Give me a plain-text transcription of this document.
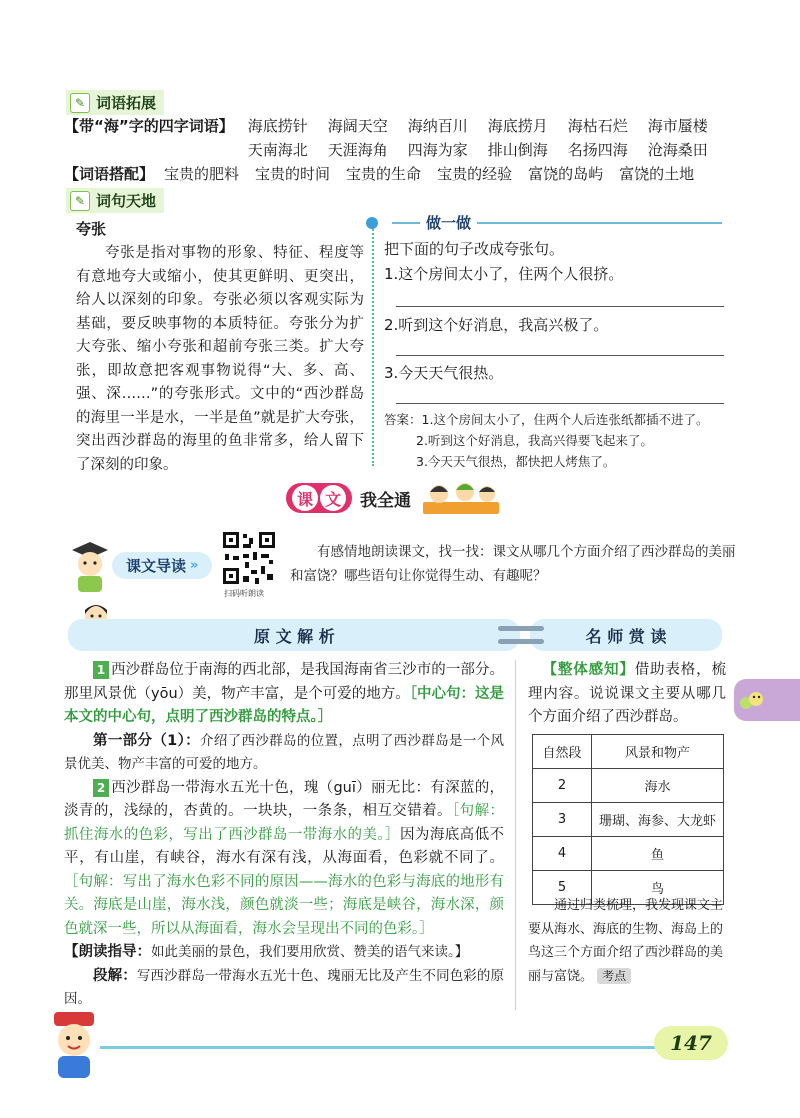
✎ 词语拓展
【带“海”字的四字词语】 海底捞针 海阔天空 海纳百川 海底捞月 海枯石烂 海市蜃楼
天南海北 天涯海角 四海为家 排山倒海 名扬四海 沧海桑田
【词语搭配】 宝贵的肥料 宝贵的时间 宝贵的生命 宝贵的经验 富饶的岛屿 富饶的土地
✎ 词句天地
夸张
夸张是指对事物的形象、特征、程度等有意地夸大或缩小，使其更鲜明、更突出，给人以深刻的印象。夸张必须以客观实际为基础，要反映事物的本质特征。夸张分为扩大夸张、缩小夸张和超前夸张三类。扩大夸张，即故意把客观事物说得“大、多、高、强、深……”的夸张形式。文中的“西沙群岛的海里一半是水，一半是鱼”就是扩大夸张，突出西沙群岛的海里的鱼非常多，给人留下了深刻的印象。
做一做
把下面的句子改成夸张句。
1.这个房间太小了，住两个人很挤。
2.听到这个好消息，我高兴极了。
3.今天天气很热。
答案：1.这个房间太小了，住两个人后连张纸都插不进了。
2.听到这个好消息，我高兴得要飞起来了。
3.今天天气很热，都快把人烤焦了。
课 文 我全通
课文导读 »
扫码听朗读
有感情地朗读课文，找一找：课文从哪几个方面介绍了西沙群岛的美丽和富饶？哪些语句让你觉得生动、有趣呢？
原 文 解 析	名 师 赏 读
1 西沙群岛位于南海的西北部，是我国海南省三沙市的一部分。那里风景优（yōu）美，物产丰富，是个可爱的地方。［中心句：这是本文的中心句，点明了西沙群岛的特点。］
第一部分（1）：介绍了西沙群岛的位置，点明了西沙群岛是一个风景优美、物产丰富的可爱的地方。
2 西沙群岛一带海水五光十色，瑰（guī）丽无比：有深蓝的，淡青的，浅绿的，杏黄的。一块块，一条条，相互交错着。［句解：抓住海水的色彩，写出了西沙群岛一带海水的美。］因为海底高低不平，有山崖，有峡谷，海水有深有浅，从海面看，色彩就不同了。［句解：写出了海水色彩不同的原因——海水的色彩与海底的地形有关。海底是山崖，海水浅，颜色就淡一些；海底是峡谷，海水深，颜色就深一些，所以从海面看，海水会呈现出不同的色彩。］
【朗读指导：如此美丽的景色，我们要用欣赏、赞美的语气来读。】
段解：写西沙群岛一带海水五光十色、瑰丽无比及产生不同色彩的原因。
【整体感知】借助表格，梳理内容。说说课文主要从哪几个方面介绍了西沙群岛。
自然段	风景和物产
2	海水
3	珊瑚、海参、大龙虾
4	鱼
5	鸟
通过归类梳理，我发现课文主要从海水、海底的生物、海岛上的鸟这三个方面介绍了西沙群岛的美丽与富饶。 考点
147
